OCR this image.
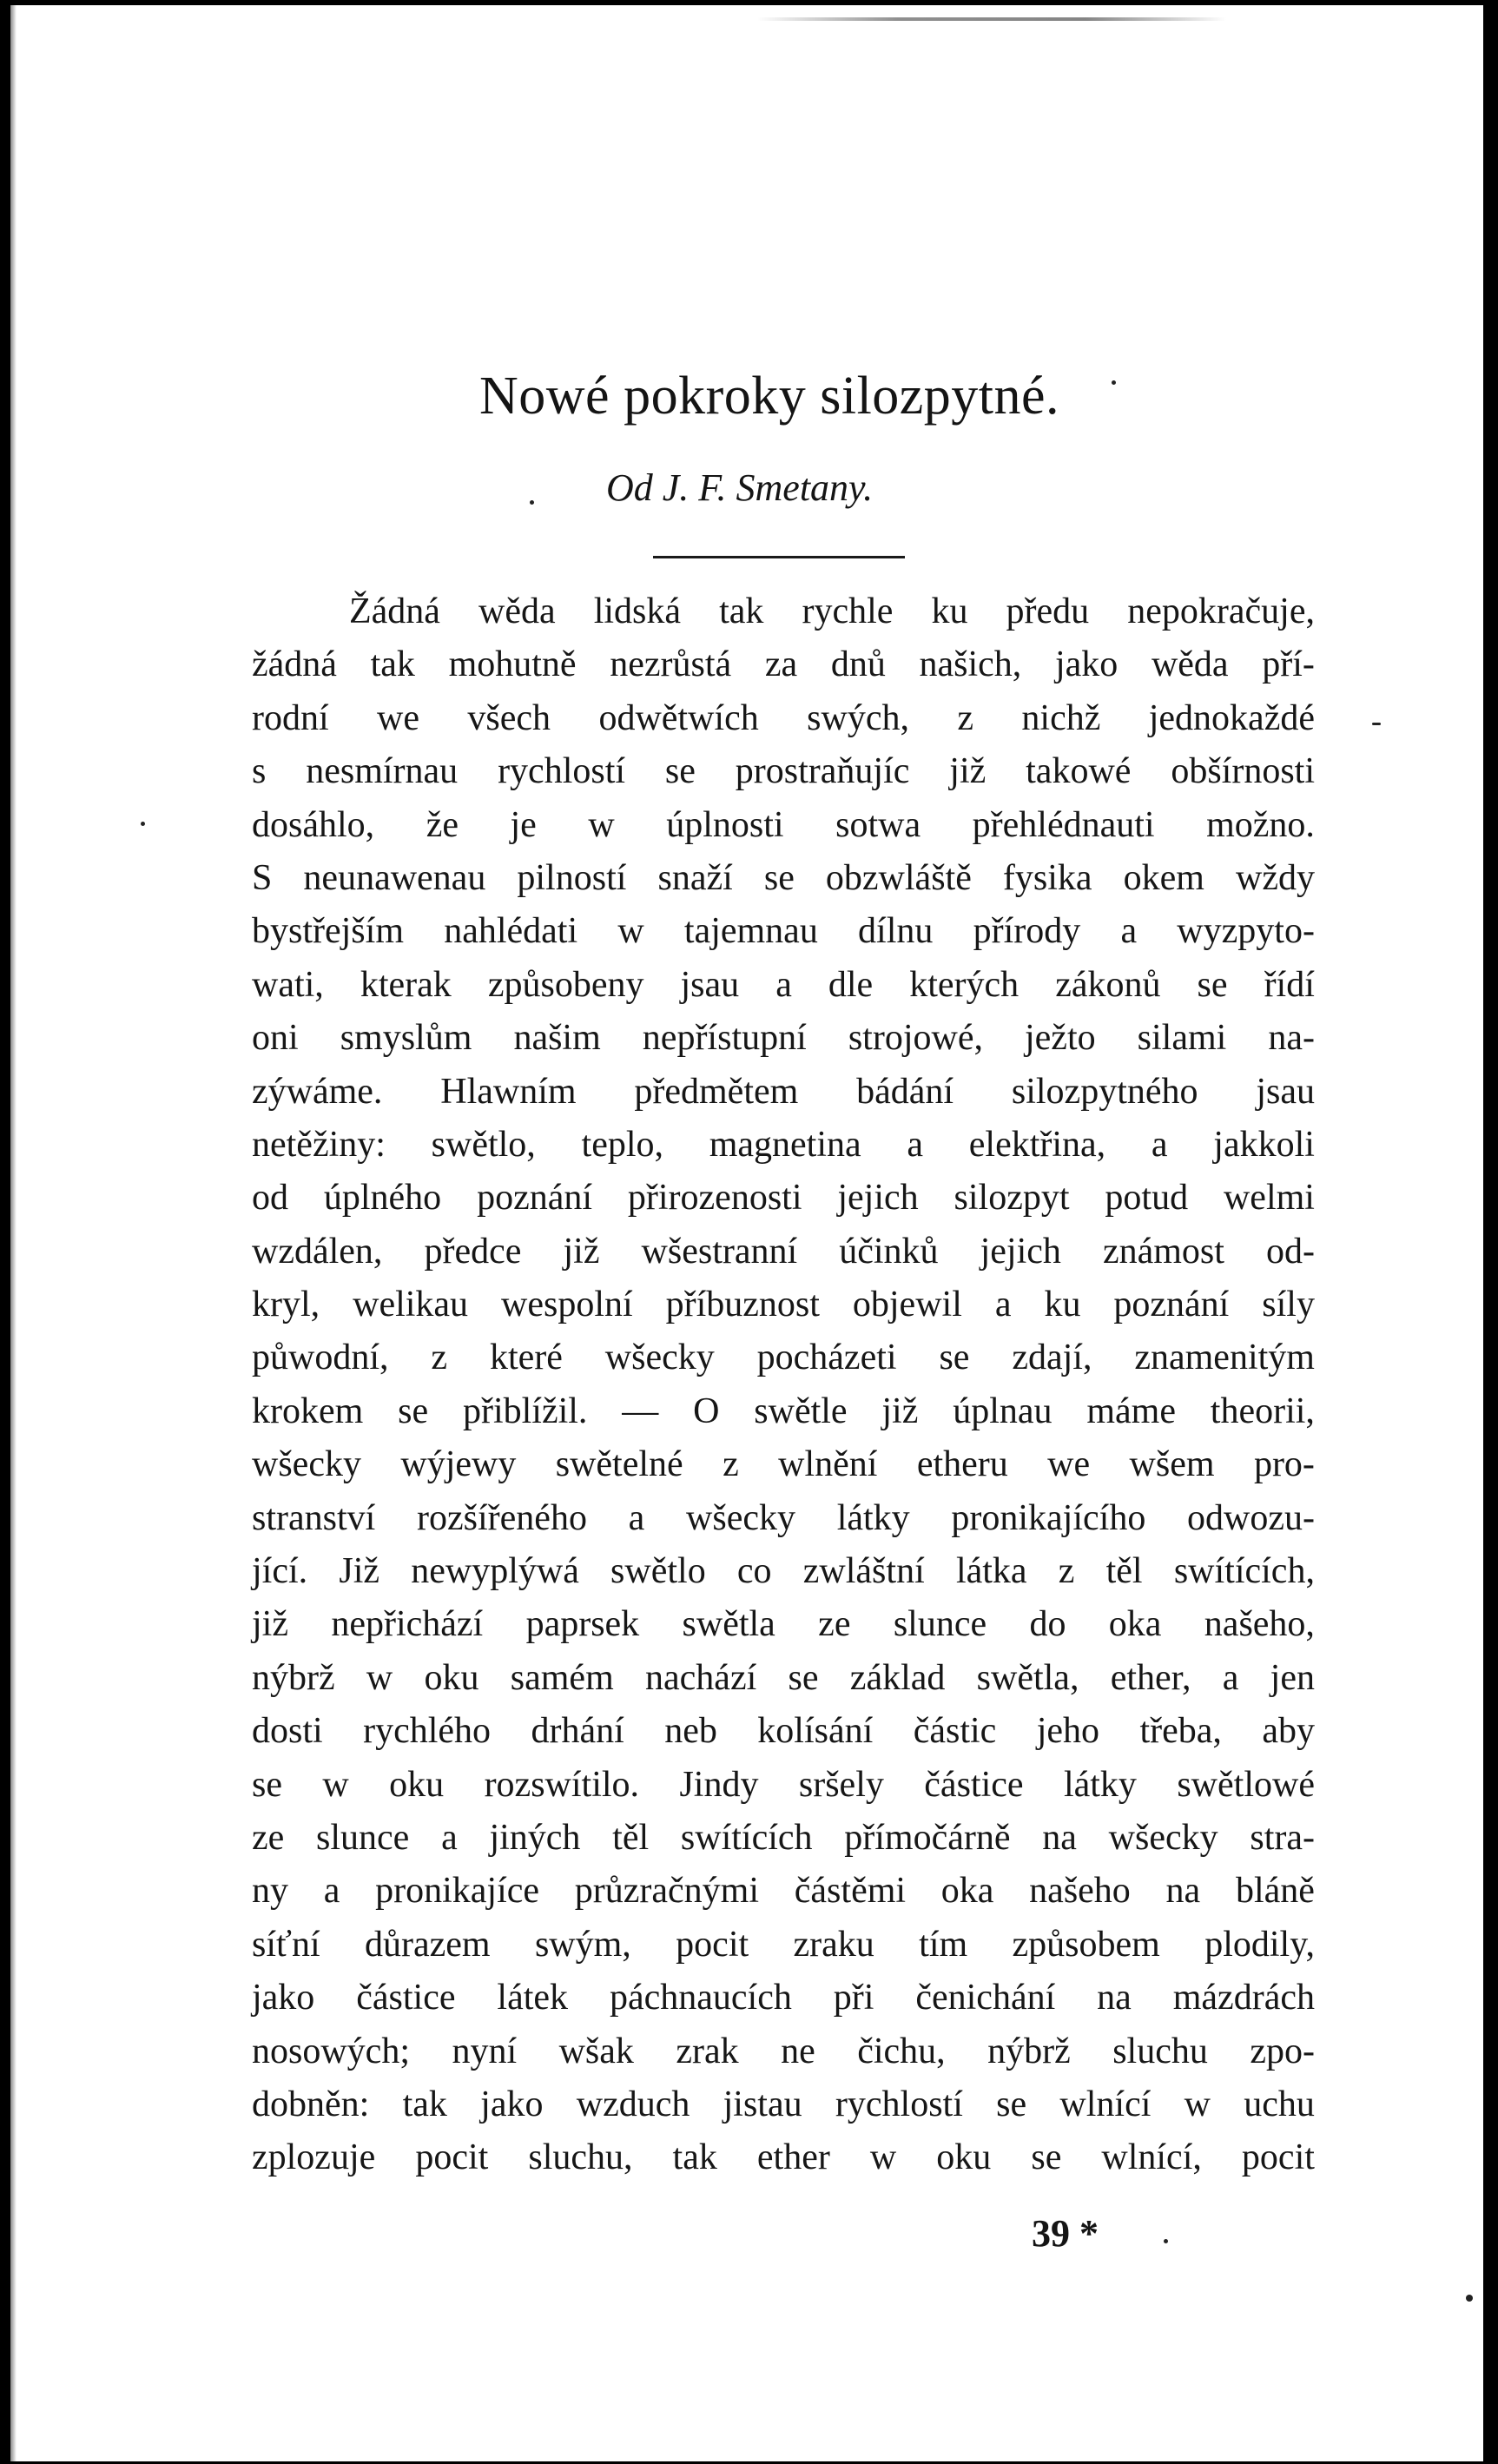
Nowé pokroky silozpytné.
Od J. F. Smetany.
Žádná wěda lidská tak rychle ku předu nepokračuje,
žádná tak mohutně nezrůstá za dnů našich, jako wěda pří-
rodní we všech odwětwích swých, z nichž jednokaždé
s nesmírnau rychlostí se prostraňujíc již takowé obšírnosti
dosáhlo, že je w úplnosti sotwa přehlédnauti možno.
S neunawenau pilností snaží se obzwláště fysika okem wždy
bystřejším nahlédati w tajemnau dílnu přírody a wyzpyto-
wati, kterak způsobeny jsau a dle kterých zákonů se řídí
oni smyslům našim nepřístupní strojowé, ježto silami na-
zýwáme. Hlawním předmětem bádání silozpytného jsau
netěžiny: swětlo, teplo, magnetina a elektřina, a jakkoli
od úplného poznání přirozenosti jejich silozpyt potud welmi
wzdálen, předce již wšestranní účinků jejich známost od-
kryl, welikau wespolní příbuznost objewil a ku poznání síly
půwodní, z které wšecky pocházeti se zdají, znamenitým
krokem se přiblížil. — O swětle již úplnau máme theorii,
wšecky wýjewy swětelné z wlnění etheru we wšem pro-
stranství rozšířeného a wšecky látky pronikajícího odwozu-
jící. Již newyplýwá swětlo co zwláštní látka z těl swítících,
již nepřichází paprsek swětla ze slunce do oka našeho,
nýbrž w oku samém nachází se základ swětla, ether, a jen
dosti rychlého drhání neb kolísání částic jeho třeba, aby
se w oku rozswítilo. Jindy sršely částice látky swětlowé
ze slunce a jiných těl swítících přímočárně na wšecky stra-
ny a pronikajíce průzračnými částěmi oka našeho na bláně
síťní důrazem swým, pocit zraku tím způsobem plodily,
jako částice látek páchnaucích při čenichání na mázdrách
nosowých; nyní wšak zrak ne čichu, nýbrž sluchu zpo-
dobněn: tak jako wzduch jistau rychlostí se wlnící w uchu
zplozuje pocit sluchu, tak ether w oku se wlnící, pocit
39 *
